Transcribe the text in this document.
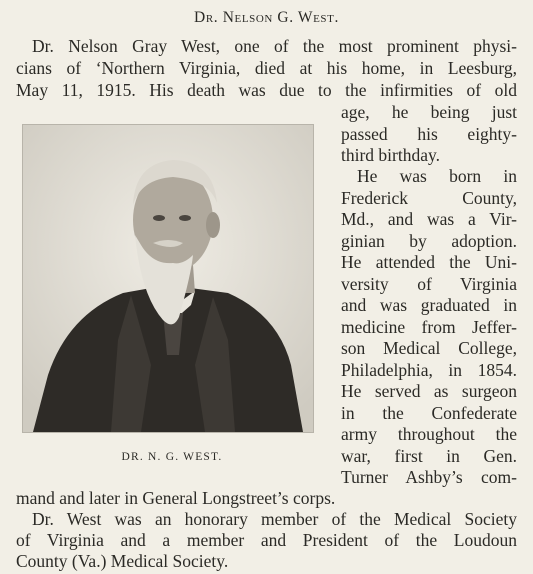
Dr. Nelson G. West.
Dr. Nelson Gray West, one of the most prominent physi-
cians of ‘Northern Virginia, died at his home, in Leesburg,
May 11, 1915. His death was due to the infirmities of old
DR. N. G. WEST.
age, he being just
passed his eighty-
third birthday.
He was born in
Frederick County,
Md., and was a Vir-
ginian by adoption.
He attended the Uni-
versity of Virginia
and was graduated in
medicine from Jeffer-
son Medical College,
Philadelphia, in 1854.
He served as surgeon
in the Confederate
army throughout the
war, first in Gen.
Turner Ashby’s com-
mand and later in General Longstreet’s corps.
Dr. West was an honorary member of the Medical Society
of Virginia and a member and President of the Loudoun
County (Va.) Medical Society.
